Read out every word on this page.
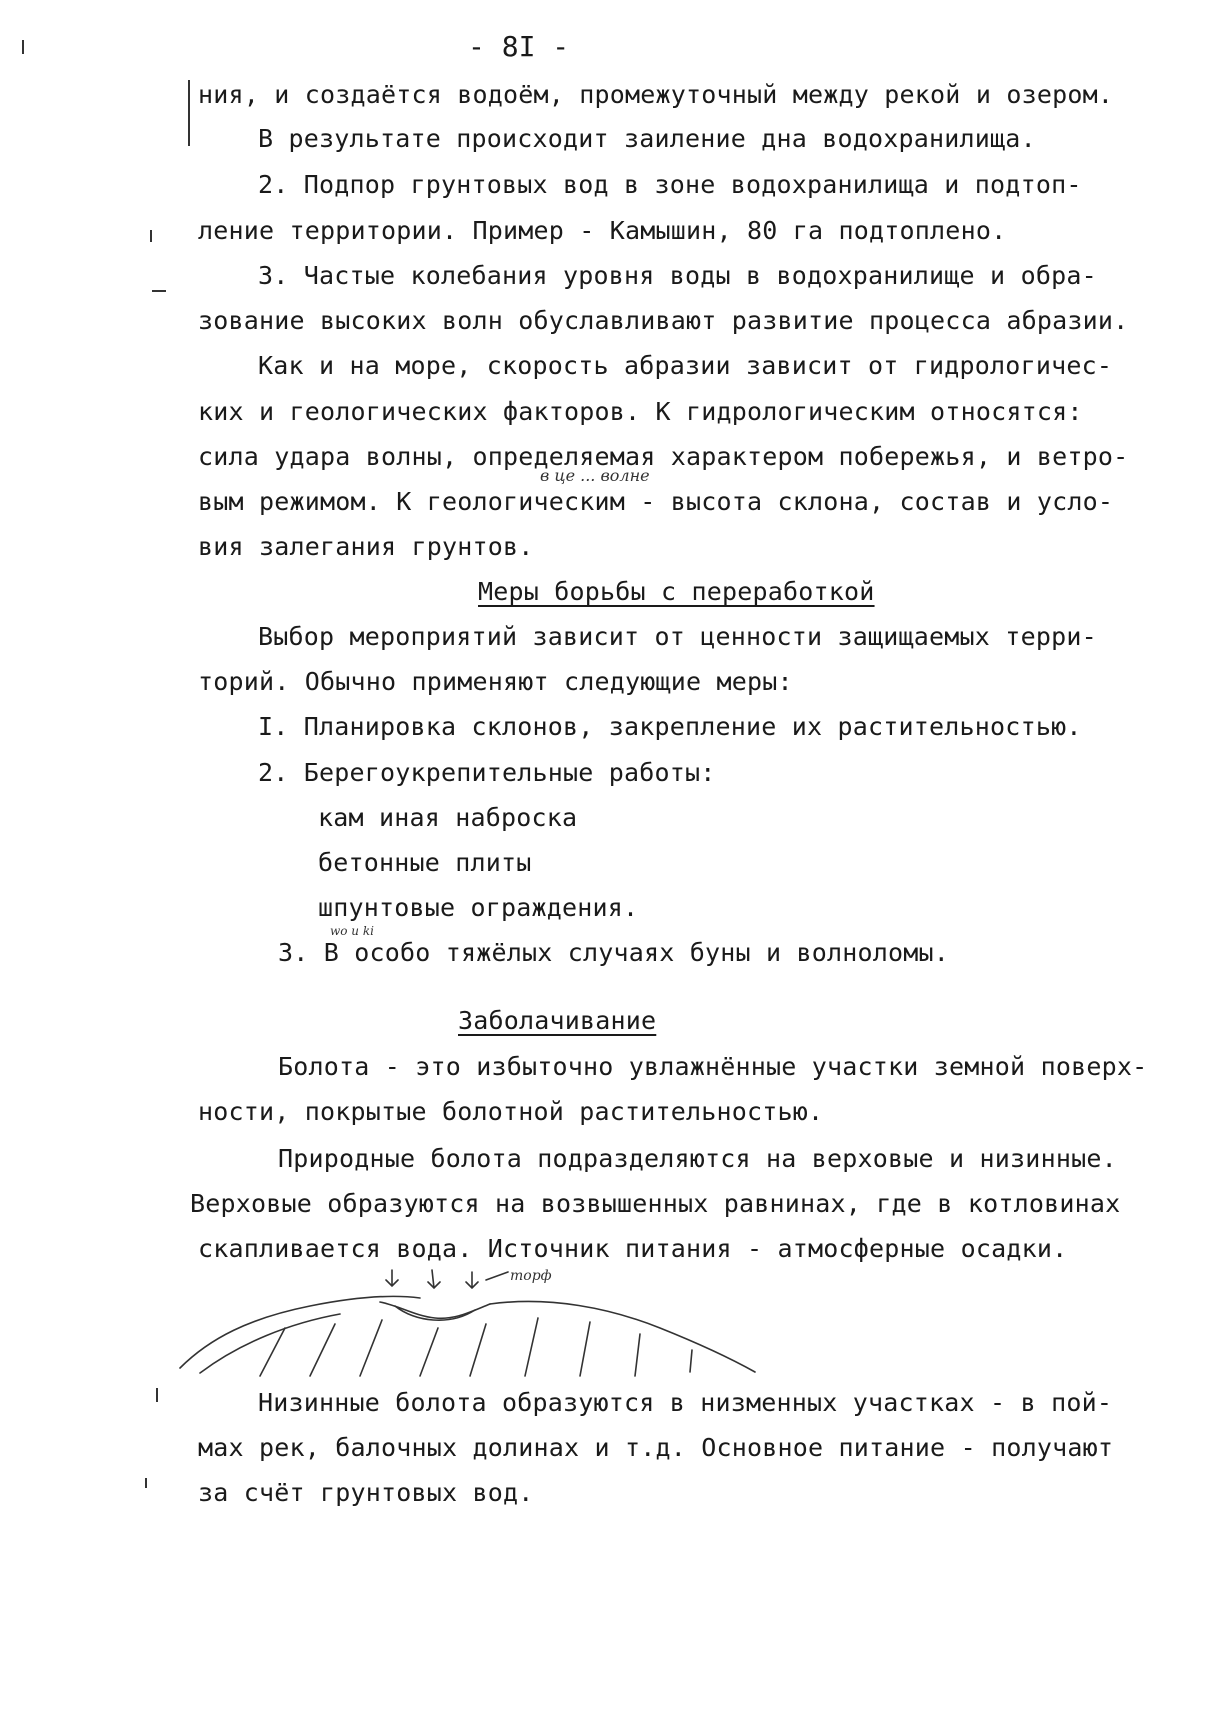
- 8I -
ния, и создаётся водоём, промежуточный между рекой и озером.
В результате происходит заиление дна водохранилища.
2. Подпор грунтовых вод в зоне водохранилища и подтоп-
ление территории. Пример - Камышин, 80 га подтоплено.
3. Частые колебания уровня воды в водохранилище и обра-
зование высоких волн обуславливают развитие процесса абразии.
Как и на море, скорость абразии зависит от гидрологичес-
ких и геологических факторов. К гидрологическим относятся:
сила удара волны, определяемая характером побережья, и ветро-
в це ... волне
вым режимом. К геологическим - высота склона, состав и усло-
вия залегания грунтов.
Меры борьбы с переработкой
Выбор мероприятий зависит от ценности защищаемых терри-
торий. Обычно применяют следующие меры:
I. Планировка склонов, закрепление их растительностью.
2. Берегоукрепительные работы:
кам иная наброска
бетонные плиты
шпунтовые ограждения.
wo u ki
3. В особо тяжёлых случаях буны и волноломы.
Заболачивание
Болота - это избыточно увлажнённые участки земной поверх-
ности, покрытые болотной растительностью.
Природные болота подразделяются на верховые и низинные.
Верховые образуются на возвышенных равнинах, где в котловинах
скапливается вода. Источник питания - атмосферные осадки.
торф
Низинные болота образуются в низменных участках - в пой-
мах рек, балочных долинах и т.д. Основное питание - получают
за счёт грунтовых вод.
